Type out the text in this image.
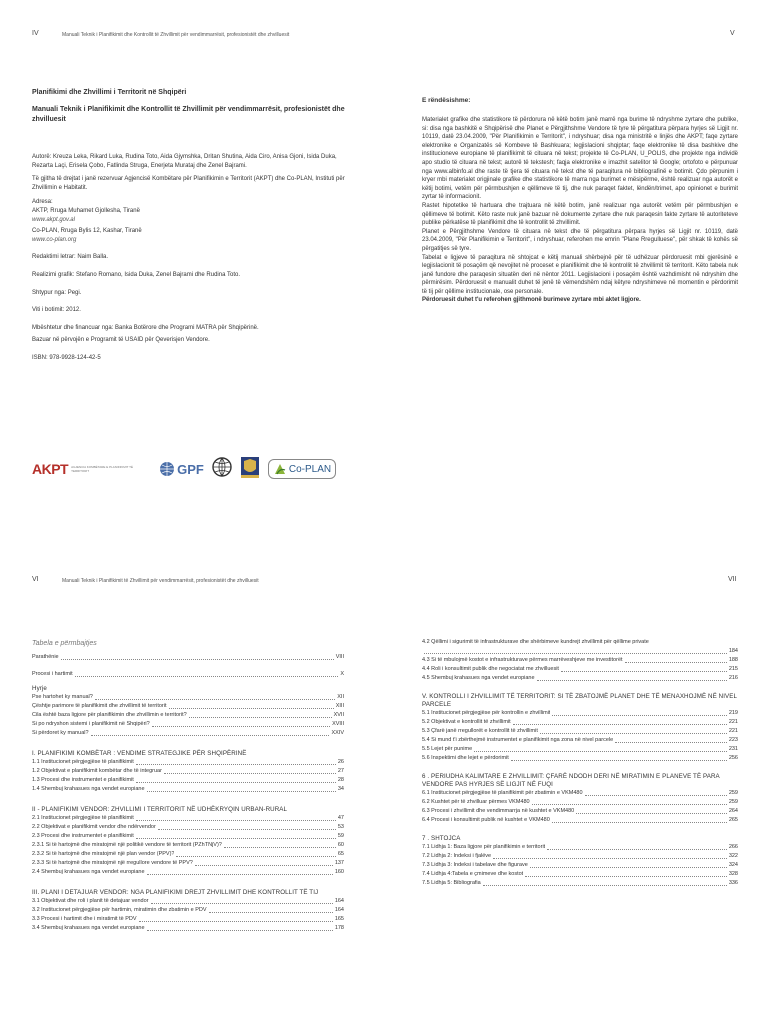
IV	Manuali Teknik i Planifikimit dhe Kontrollit të Zhvillimit për vendimmarrësit, profesionistët dhe zhvilluesit	V
Planifikimi dhe Zhvillimi i Territorit në Shqipëri
Manuali Teknik i Planifikimit dhe Kontrollit të Zhvillimit për vendimmarrësit, profesionistët dhe zhvilluesit
Autorë: Kreuza Leka, Rikard Luka, Rudina Toto, Aida Gjymshka, Dritan Shutina, Aida Ciro, Anisa Gjoni, Isida Duka, Rezarta Laçi, Erisela Çobo, Fatlinda Struga, Enerjeta Murataj dhe Zenel Bajrami.
Të gjitha të drejtat i janë rezervuar Agjencisë Kombëtare për Planifikimin e Territorit (AKPT) dhe Co-PLAN, Instituti për Zhvillimin e Habitatit.
Adresa:
AKTP, Rruga Muhamet Gjollesha, Tiranë
www.akpt.gov.al
Co-PLAN, Rruga Bylis 12, Kashar, Tiranë
www.co-plan.org
Redaktimi letrar: Naim Balla.
Realizimi grafik: Stefano Romano, Isida Duka, Zenel Bajrami dhe Rudina Toto.
Shtypur nga: Pegi.
Viti i botimit: 2012.
Mbështetur dhe financuar nga: Banka Botërore dhe Programi MATRA për Shqipërinë.
Bazuar në përvojën e Programit të USAID për Qeverisjen Vendore.
ISBN: 978-9928-124-42-5
AKPT AGJENCIA KOMBËTARE E PLANIFIKIMIT TË TERRITORIT	GPF	Co-PLAN
E rëndësishme:

Materialet grafike dhe statistikore të përdorura në këtë botim janë marrë nga burime të ndryshme zyrtare dhe publike, si: disa nga bashkitë e Shqipërisë dhe Planet e Përgjithshme Vendore të tyre të përgatitura përpara hyrjes së Ligjit nr. 10119, datë 23.04.2009, "Për Planifikimin e Territorit", i ndryshuar; disa nga ministritë e linjës dhe AKPT; faqe zyrtare elektronike e Organizatës së Kombeve të Bashkuara; legjislacioni shqiptar; faqe elektronike të disa bashkive dhe institucioneve europiane të planifikimit të cituara në tekst; projekte të Co-PLAN, U_POLIS, dhe projekte nga individë apo studio të cituara në tekst; autorë të tekstesh; faqja elektronike e imazhit satelitor të Google; ortofoto e përpunuar nga www.albinfo.al dhe raste të tjera të cituara në tekst dhe të paraqitura në bibliografinë e botimit. Çdo përpunim i kryer mbi materialet origjinale grafike dhe statistikore të marra nga burimet e mësipërme, është realizuar nga autorët e këtij botimi, vetëm për përmbushjen e qëllimeve të tij, dhe nuk paraqet faktet, lëndën/trimet, apo opinionet e burimit zyrtar të informacionit.

Rastet hipotetike të hartuara dhe trajtuara në këtë botim, janë realizuar nga autorët vetëm për përmbushjen e qëllimeve të botimit. Këto raste nuk janë bazuar në dokumente zyrtare dhe nuk paraqesin fakte zyrtare të autoriteteve publike përkatëse të planifikimit dhe të kontrollit të zhvillimit.

Planet e Përgjithshme Vendore të cituara në tekst dhe të përgatitura përpara hyrjes së Ligjit nr. 10119, datë 23.04.2009, "Për Planifikimin e Territorit", i ndryshuar, referohen me emrin "Plane Rregulluese", për shkak të kohës së përgatitjes së tyre.

Tabelat e ligjeve të paraqitura në shtojcat e këtij manuali shërbejnë për të udhëzuar përdoruesit mbi gjerësinë e legjislacionit të posaçëm që nevojitet në proceset e planifikimit dhe të kontrollit të zhvillimit të territorit. Këto tabela nuk janë fundore dhe paraqesin situatën deri në nëntor 2011. Legjislacioni i posaçëm është vazhdimisht në ndryshim dhe përmirësim. Përdoruesit e manualit duhet të jenë të vëmendshëm ndaj këtyre ndryshimeve në momentin e përdorimit të tij për qëllime institucionale, ose personale.

Përdoruesit duhet t'u referohen gjithmonë burimeve zyrtare mbi aktet ligjore.

VI	Manuali Teknik i Planifikimit të Zhvillimit për vendimmarrësit, profesionistët dhe zhvilluesit	VII
Tabela e përmbajtjes
Parathënie	VIII
Procesi i hartimit	X
Hyrje
Pse hartohet ky manual?	XII
Çështje parimore të planifikimit dhe zhvillimit të territorit	XIII
Cila është baza ligjore për planifikimin dhe zhvillimin e territorit?	XVII
Si po ndryshon sistemi i planifikimit në Shqipëri?	XVIII
Si përdoret ky manual?	XXIV
I. PLANIFIKIMI KOMBËTAR : VENDIME STRATEGJIKE PËR SHQIPËRINË
1.1 Institucionet përgjegjëse të planifikimit	26
1.2 Objektivat e planifikimit kombëtar dhe të integruar	27
1.3 Procesi dhe instrumentet e planifikimit	28
1.4 Shembuj krahasues nga vendet europiane	34
II - PLANIFIKIMI VENDOR: ZHVILLIMI I TERRITORIT NË UDHËKRYQIN URBAN-RURAL
2.1 Institucionet përgjegjëse të planifikimit	47
2.2 Objektivat e planifikimit vendor dhe ndërvendor	53
2.3 Procesi dhe instrumentet e planifikimit	59
2.3.1 Si të hartojmë dhe miratojmë një politikë vendore të territorit (PZhTNjV)?	60
2.3.2 Si të hartojmë dhe miratojmë një plan vendor (PPV)?	65
2.3.3 Si të hartojmë dhe miratojmë një rregullore vendore të PPV?	137
2.4 Shembuj krahasues nga vendet europiane	160
III. PLANI I DETAJUAR VENDOR: NGA PLANIFIKIMI DREJT ZHVILLIMIT DHE KONTROLLIT TË TIJ
3.1 Objektivat dhe roli i planit të detajuar vendor	164
3.2 Institucionet përgjegjëse për hartimin, miratimin dhe zbatimin e PDV	164
3.3 Procesi i hartimit dhe i miratimit të PDV	165
3.4 Shembuj krahasues nga vendet europiane	178
4.2 Qëllimi i sigurimit të infrastrukturave dhe shërbimeve kundrejt zhvillimit për qëllime private
184
4.3 Si të mbulojmë kostot e infrastrukturave përmes marrëveshjeve me investitorët	188
4.4 Roli i konsultimit publik dhe negociatat me zhvilluesit	215
4.5 Shembuj krahasues nga vendet europiane	216
V. KONTROLLI I ZHVILLIMIT TË TERRITORIT: SI TË ZBATOJMË PLANET DHE TË MENAXHOJMË NË NIVEL PARCELE
5.1 Institucionet përgjegjëse për kontrollin e zhvillimit	219
5.2 Objektivat e kontrollit të zhvillimit	221
5.3 Çfarë janë rregullorët e kontrollit të zhvillimit	221
5.4 Si mund t'i zbërthejmë instrumentet e planifikimit nga zona në nivel parcele	223
5.5 Lejet për punime	231
5.6 Inspektimi dhe lejet e përdorimit	256
6 . PERIUDHA KALIMTARE E ZHVILLIMIT: ÇFARË NDODH DERI NË MIRATIMIN E PLANEVE TË PARA VENDORE PAS HYRJES SË LIGJIT NË FUQI
6.1 Institucionet përgjegjëse të planifikimit për zbatimin e VKM480	259
6.2 Kushtet për të zhvilluar përmes VKM480	259
6.3 Procesi i zhvillimit dhe vendimmarrja në kushtet e VKM480	264
6.4 Procesi i konsultimit publik në kushtet e VKM480	265
7 . SHTOJCA
7.1 Lidhja 1: Baza ligjore për planifikimin e territorit	266
7.2 Lidhja 2: Indeksi i fjalëve	322
7.3 Lidhja 3: Indeksi i tabelave dhe figurave	324
7.4 Lidhja 4:Tabela e çmimeve dhe kostot	328
7.5 Lidhja 5: Bibliografia	336
